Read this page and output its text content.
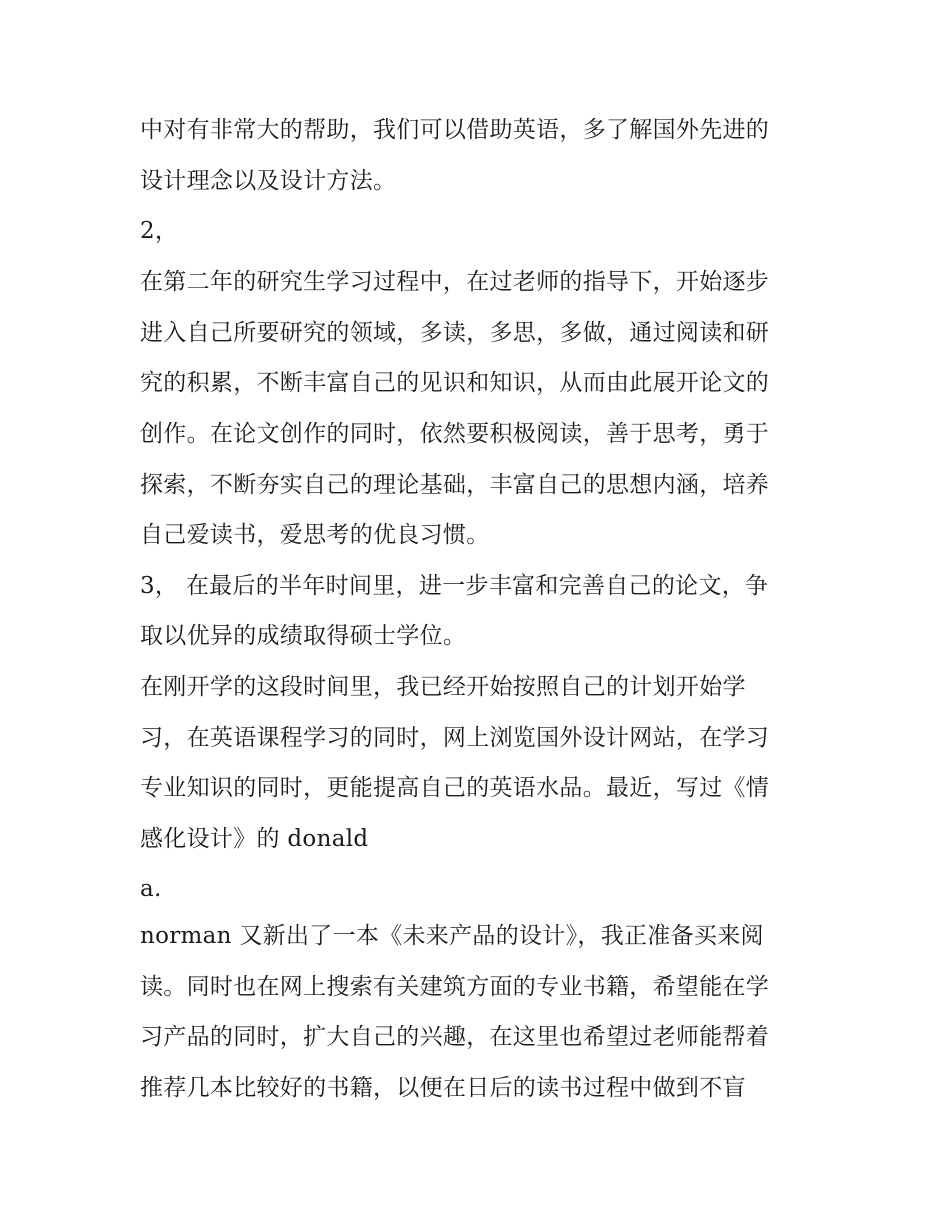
中对有非常大的帮助，我们可以借助英语，多了解国外先进的
设计理念以及设计方法。
2，
在第二年的研究生学习过程中，在过老师的指导下，开始逐步
进入自己所要研究的领域，多读，多思，多做，通过阅读和研
究的积累，不断丰富自己的见识和知识，从而由此展开论文的
创作。在论文创作的同时，依然要积极阅读，善于思考，勇于
探索，不断夯实自己的理论基础，丰富自己的思想内涵，培养
自己爱读书，爱思考的优良习惯。
3， 在最后的半年时间里，进一步丰富和完善自己的论文，争
取以优异的成绩取得硕士学位。
在刚开学的这段时间里，我已经开始按照自己的计划开始学
习，在英语课程学习的同时，网上浏览国外设计网站，在学习
专业知识的同时，更能提高自己的英语水品。最近，写过《情
感化设计》的 donald
a.
norman 又新出了一本《未来产品的设计》，我正准备买来阅
读。同时也在网上搜索有关建筑方面的专业书籍，希望能在学
习产品的同时，扩大自己的兴趣，在这里也希望过老师能帮着
推荐几本比较好的书籍，以便在日后的读书过程中做到不盲
